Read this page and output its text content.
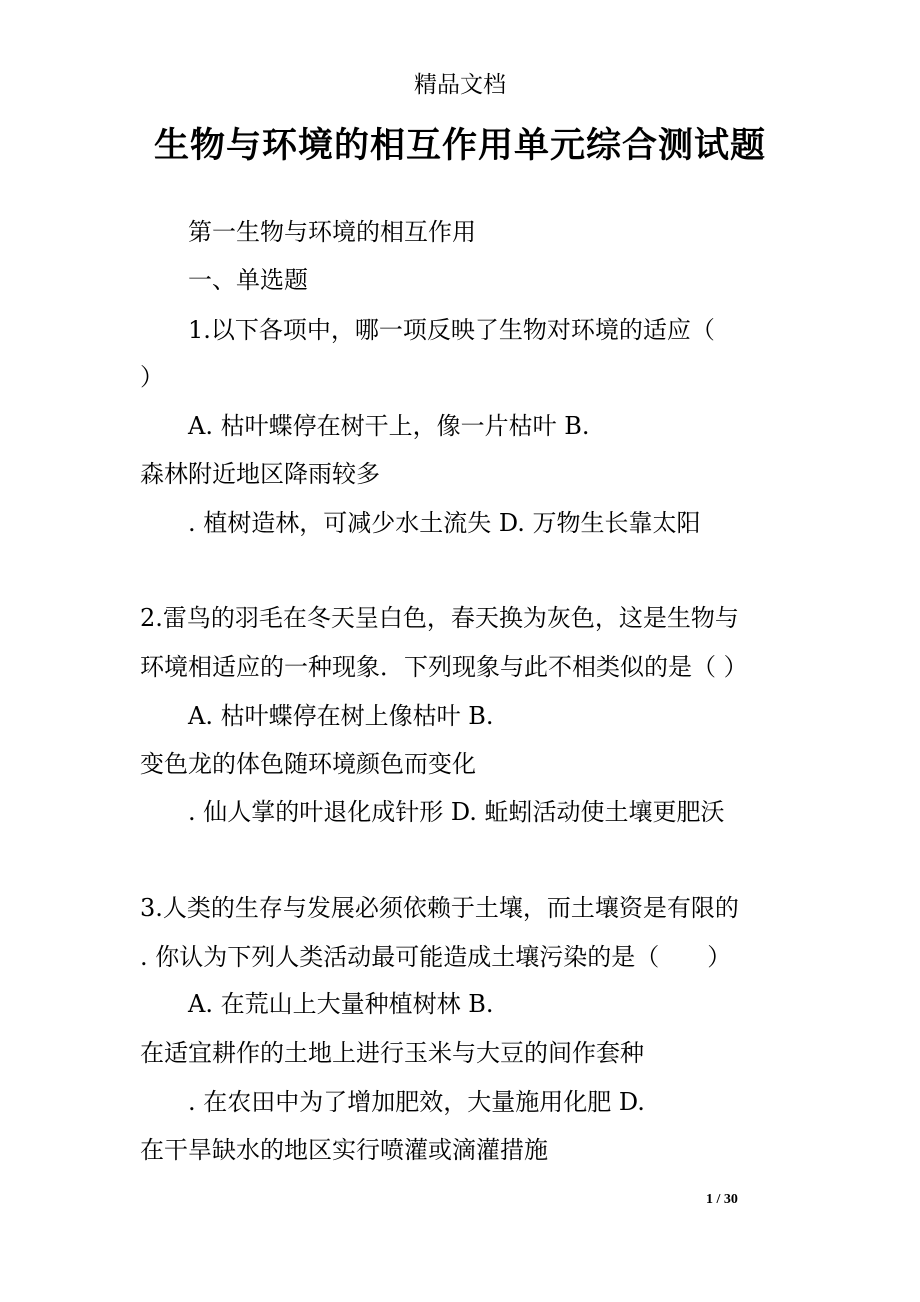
精品文档
生物与环境的相互作用单元综合测试题
第一生物与环境的相互作用
一、单选题
1.以下各项中，哪一项反映了生物对环境的适应（
）
A. 枯叶蝶停在树干上，像一片枯叶 B.
森林附近地区降雨较多
. 植树造林，可减少水土流失 D. 万物生长靠太阳
2.雷鸟的羽毛在冬天呈白色，春天换为灰色，这是生物与
环境相适应的一种现象．下列现象与此不相类似的是（ ）
A. 枯叶蝶停在树上像枯叶 B.
变色龙的体色随环境颜色而变化
. 仙人掌的叶退化成针形 D. 蚯蚓活动使土壤更肥沃
3.人类的生存与发展必须依赖于土壤，而土壤资是有限的
. 你认为下列人类活动最可能造成土壤污染的是（　　）
A. 在荒山上大量种植树林 B.
在适宜耕作的土地上进行玉米与大豆的间作套种
. 在农田中为了增加肥效，大量施用化肥 D.
在干旱缺水的地区实行喷灌或滴灌措施
1 / 30
